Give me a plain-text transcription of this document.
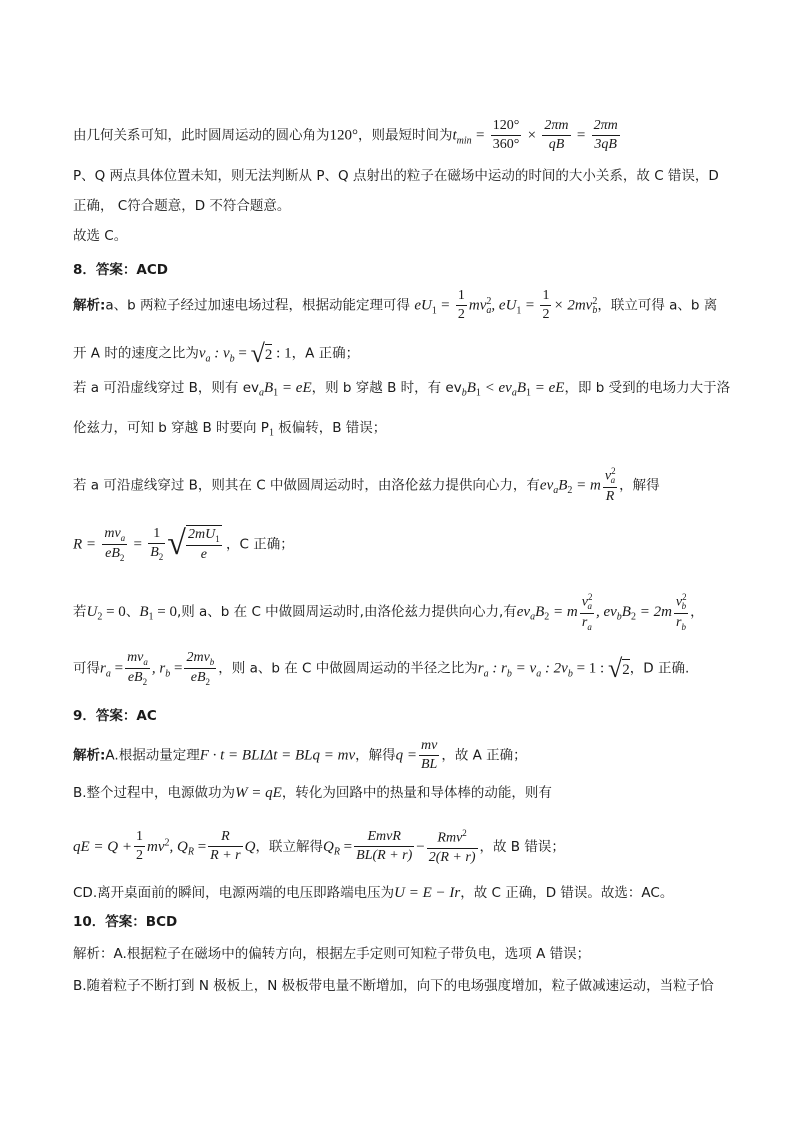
由几何关系可知，此时圆周运动的圆心角为120°，则最短时间为$t_{min} = \frac{120^\circ}{360^\circ} \times \frac{2\pi m}{qB} = \frac{2\pi m}{3qB}$
P、Q 两点具体位置未知，则无法判断从 P、Q 点射出的粒子在磁场中运动的时间的大小关系，故 C 错误，D
正确， C符合题意，D 不符合题意。
故选 C。
8．答案：ACD
解析:a、b 两粒子经过加速电场过程，根据动能定理可得 $eU_1 = \frac{1}{2} mv^2_a$, $eU_1 = \frac{1}{2} \times 2mv^2_b$，联立可得 a、b 离
开 A 时的速度之比为$v_a$ : $v_b = √2$ : 1，A 正确；
若 a 可沿虚线穿过 B，则有 $ev_aB_1$ = eE，则 b 穿越 B 时，有 $ev_bB_1 < ev_aB_1$ = eE，即 b 受到的电场力大于洛
伦兹力，可知 b 穿越 B 时要向 $P_1$ 板偏转，B 错误；
若 a 可沿虚线穿过 B，则其在 C 中做圆周运动时，由洛伦兹力提供向心力，有$ev_aB_2 = m \frac{v^2_a}{R}$ ，解得
$R = \frac{mv_a}{eB_2} = \frac{1}{B_2}$ √ $\frac{2mU_1}{e}$ ，C 正确；
若$U_2 = 0$、$B_1 = 0$,则 a、b 在 C 中做圆周运动时,由洛伦兹力提供向心力,有$ev_aB_2 = m \frac{v^2_a}{r_a}$ , $ev_bB_2 = 2m \frac{v^2_b}{r_b}$ ，
可得$r_a = \frac{mv_a}{eB_2}$ , $r_b = \frac{2mv_b}{eB_2}$ ，则 a、b 在 C 中做圆周运动的半径之比为$r_a$ : $r_b = v_a$ : $2v_b = 1$ : √2，D 正确.
9．答案：AC
解析:A.根据动量定理F · t = BLIΔt = BLq = mv，解得$q = \frac{mv}{BL}$ ，故 A 正确；
B.整个过程中，电源做功为W = qE，转化为回路中的热量和导体棒的动能，则有
qE = $Q + \frac{1}{2} mv^2$, $Q_R = \frac{R}{R + r}$ Q，联立解得$Q_R = \frac{\text{EmvR}}{BL(R + r)} - \frac{Rmv^2}{2(R + r)}$ ，故 B 错误；
CD.离开桌面前的瞬间，电源两端的电压即路端电压为U = E − Ir，故 C 正确，D 错误。故选：AC。
10．答案：BCD
解析：A.根据粒子在磁场中的偏转方向，根据左手定则可知粒子带负电，选项 A 错误；
B.随着粒子不断打到 N 极板上，N 极板带电量不断增加，向下的电场强度增加，粒子做减速运动，当粒子恰
